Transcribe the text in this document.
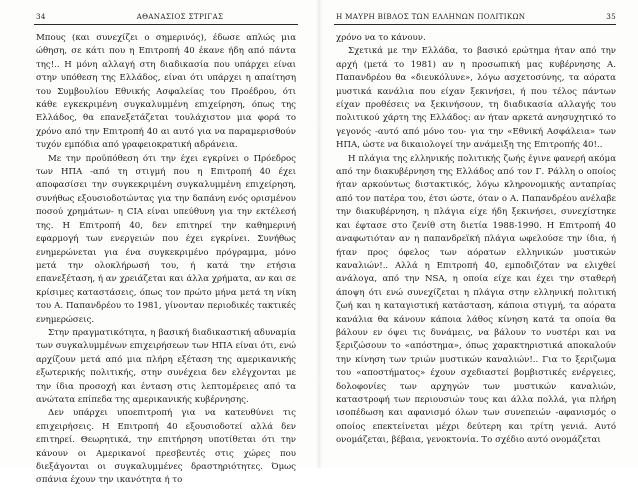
34	ΑΘΑΝΑΣΙΟΣ ΣΤΡΙΓΑΣ

Μπους (και συνεχίζει ο σημερινός), έδωσε απλώς μια ώθηση, σε κάτι που η Επιτροπή 40 έκανε ήδη από πάντα της!.. Η μόνη αλλαγή στη διαδικασία που υπάρχει είναι στην υπόθεση της Ελλάδος, είναι ότι υπάρχει η απαίτηση του Συμβουλίου Εθνικής Ασφαλείας του Προέδρου, ότι κάθε εγκεκριμένη συγκαλυμμένη επιχείρηση, όπως της Ελλάδος, θα επανεξετάζεται τουλάχιστον μια φορά το χρόνο από την Επιτροπή 40 αι αυτό για να παραμερισθούν τυχόν εμπόδια από γραφειοκρατική αδράνεια.

Με την προϋπόθεση ότι την έχει εγκρίνει ο Πρόεδρος των ΗΠΑ -από τη στιγμή που η Επιτροπή 40 έχει αποφασίσει την συγκεκριμένη συγκαλυμμένη επιχείρηση, συνήθως εξουσιοδοτώντας για την δαπάνη ενός ορισμένου ποσού χρημάτων- η CIA είναι υπεύθυνη για την εκτέλεσή της. Η Επιτροπή 40, δεν επιτηρεί την καθημερινή εφαρμογή των ενεργειών που έχει εγκρίνει. Συνήθως ενημερώνεται για ένα συγκεκριμένο πρόγραμμα, μόνο μετά την ολοκλήρωσή του, ή κατά την ετήσια επανεξέταση, ή αν χρειάζεται και άλλα χρήματα, αν και σε κρίσιμες καταστάσεις, όπως τον πρώτο μήνα μετά τη νίκη του Α. Παπανδρέου το 1981, γίνονταν περιοδικές τακτικές ενημερώσεις.

Στην πραγματικότητα, η βασική διαδικαστική αδυναμία των συγκαλυμμένων επιχειρήσεων των ΗΠΑ είναι ότι, ενώ αρχίζουν μετά από μια πλήρη εξέταση της αμερικανικής εξωτερικής πολιτικής, στην συνέχεια δεν ελέγχονται με την ίδια προσοχή και ένταση στις λεπτομέρειες από τα ανώτατα επίπεδα της αμερικανικής κυβέρνησης.

Δεν υπάρχει υποεπιτροπή για να κατευθύνει τις επιχειρήσεις. Η Επιτροπή 40 εξουσιοδοτεί αλλά δεν επιτηρεί. Θεωρητικά, την επιτήρηση υποτίθεται ότι την κάνουν οι Αμερικανοί πρεσβευτές στις χώρες που διεξάγονται οι συγκαλυμμένες δραστηριότητες. Όμως σπάνια έχουν την ικανότητα ή το

Η ΜΑΥΡΗ ΒΙΒΛΟΣ ΤΩΝ ΕΛΛΗΝΩΝ ΠΟΛΙΤΙΚΩΝ	35

χρόνο να το κάνουν.

Σχετικά με την Ελλάδα, το βασικό ερώτημα ήταν από την αρχή (μετά το 1981) αν η προσωπική μας κυβέρνησης Α. Παπανδρέου θα «διευκόλυνε», λόγω ασχετοσύνης, τα αόρατα μυστικά κανάλια που είχαν ξεκινήσει, ή που τέλος πάντων είχαν προθέσεις να ξεκινήσουν, τη διαδικασία αλλαγής του πολιτικού χάρτη της Ελλάδος: αν ήταν αρκετά ανησυχητικό το γεγονός -αυτό από μόνο του- για την «Εθνική Ασφάλεια» των ΗΠΑ, ώστε να δικαιολογεί την ανάμειξη της Επιτροπής 40!..

Η πλάγια της ελληνικής πολιτικής ζωής έγινε φανερή ακόμα από την διακυβέρνηση της Ελλάδος από τον Γ. Ράλλη ο οποίος ήταν αρκούντως διστακτικός, λόγω κληρονομικής ανταπρίας από τον πατέρα του, έτσι ώστε, όταν ο Α. Παπανδρέου ανέλαβε την διακυβέρνηση, η πλάγια είχε ήδη ξεκινήσει, συνεχίστηκε και έφτασε στο ζενίθ στη διετία 1988-1990. Η Επιτροπή 40 αναφωτιόταν αν η παπανδρεϊκή πλάγια ωφελούσε την ίδια, ή ήταν προς όφελος των αόρατων ελληνικών μυστικών καναλιών!.. Αλλά η Επιτροπή 40, εμποδιζόταν να ελιχθεί ανάλογα, από την NSA, η οποία είχε και έχει την σταθερή άποψη ότι ενώ συνεχίζεται η πλάγια στην ελληνική πολιτική ζωή και η καταγιστική κατάσταση, κάποια στιγμή, τα αόρατα κανάλια θα κάνουν κάποια λάθος κίνηση κατά τα οποία θα βάλουν εν όψει τις δυνάμεις, να βάλουν το νυστέρι και να ξεριζώσουν το «απόστημα», όπως χαρακτηριστικά αποκαλούν την κίνηση των τριών μυστικών καναλιών!.. Για το ξεριζωμα του «αποστήματος» έχουν σχεδιαστεί βομβιστικές ενέργειες, δολοφονίες των αρχηγών των μυστικών καναλιών, καταστροφή των περιουσιών τους και άλλα πολλά, για πλήρη ισοπέδωση και αφανισμό όλων των συνεπειών -αφανισμός ο οποίος επεκτείνεται μέχρι δεύτερη και τρίτη γενιά. Αυτό ονομάζεται, βέβαια, γενοκτονία. Το σχέδιο αυτό ονομάζεται
